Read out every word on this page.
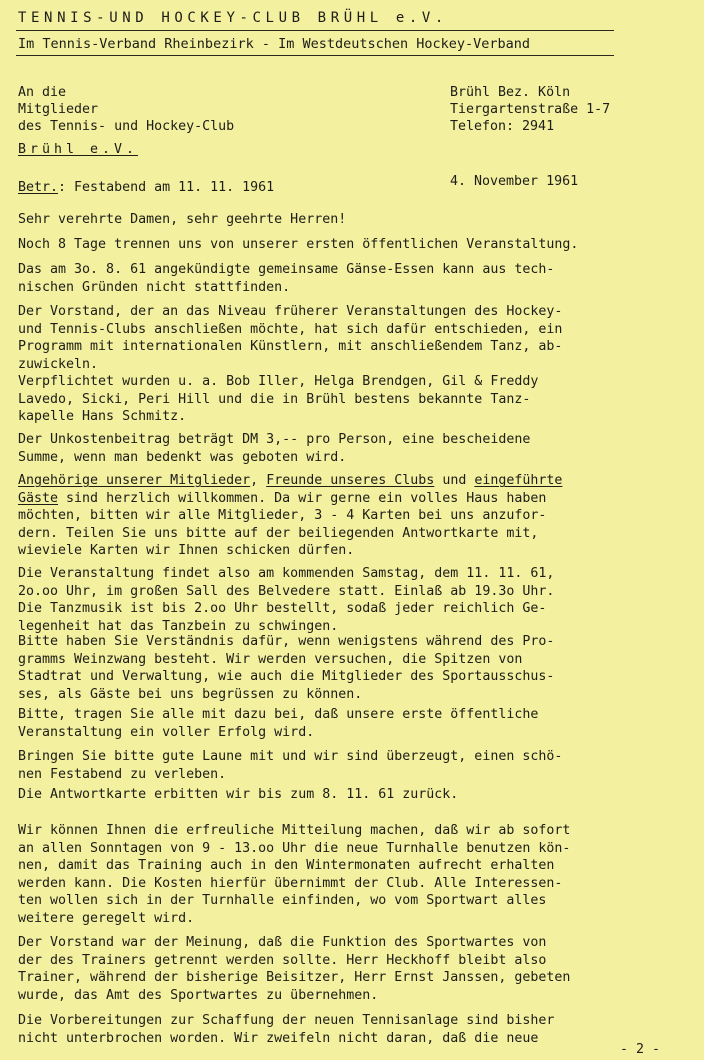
TENNIS-UND HOCKEY-CLUB BRÜHL e.V.
Im Tennis-Verband Rheinbezirk - Im Westdeutschen Hockey-Verband
An die
Mitglieder
des Tennis- und Hockey-Club
Brühl e.V.
Brühl Bez. Köln
Tiergartenstraße 1-7
Telefon: 2941
Betr.: Festabend am 11. 11. 1961	4. November 1961
Sehr verehrte Damen, sehr geehrte Herren!
Noch 8 Tage trennen uns von unserer ersten öffentlichen Veranstaltung.
Das am 3o. 8. 61 angekündigte gemeinsame Gänse-Essen kann aus tech-
nischen Gründen nicht stattfinden.
Der Vorstand, der an das Niveau früherer Veranstaltungen des Hockey-
und Tennis-Clubs anschließen möchte, hat sich dafür entschieden, ein
Programm mit internationalen Künstlern, mit anschließendem Tanz, ab-
zuwickeln.
Verpflichtet wurden u. a. Bob Iller, Helga Brendgen, Gil & Freddy
Lavedo, Sicki, Peri Hill und die in Brühl bestens bekannte Tanz-
kapelle Hans Schmitz.
Der Unkostenbeitrag beträgt DM 3,-- pro Person, eine bescheidene
Summe, wenn man bedenkt was geboten wird.
Angehörige unserer Mitglieder, Freunde unseres Clubs und eingeführte
Gäste sind herzlich willkommen. Da wir gerne ein volles Haus haben
möchten, bitten wir alle Mitglieder, 3 - 4 Karten bei uns anzufor-
dern. Teilen Sie uns bitte auf der beiliegenden Antwortkarte mit,
wieviele Karten wir Ihnen schicken dürfen.
Die Veranstaltung findet also am kommenden Samstag, dem 11. 11. 61,
2o.oo Uhr, im großen Sall des Belvedere statt. Einlaß ab 19.3o Uhr.
Die Tanzmusik ist bis 2.oo Uhr bestellt, sodaß jeder reichlich Ge-
legenheit hat das Tanzbein zu schwingen.
Bitte haben Sie Verständnis dafür, wenn wenigstens während des Pro-
gramms Weinzwang besteht. Wir werden versuchen, die Spitzen von
Stadtrat und Verwaltung, wie auch die Mitglieder des Sportausschus-
ses, als Gäste bei uns begrüssen zu können.
Bitte, tragen Sie alle mit dazu bei, daß unsere erste öffentliche
Veranstaltung ein voller Erfolg wird.
Bringen Sie bitte gute Laune mit und wir sind überzeugt, einen schö-
nen Festabend zu verleben.
Die Antwortkarte erbitten wir bis zum 8. 11. 61 zurück.
Wir können Ihnen die erfreuliche Mitteilung machen, daß wir ab sofort
an allen Sonntagen von 9 - 13.oo Uhr die neue Turnhalle benutzen kön-
nen, damit das Training auch in den Wintermonaten aufrecht erhalten
werden kann. Die Kosten hierfür übernimmt der Club. Alle Interessen-
ten wollen sich in der Turnhalle einfinden, wo vom Sportwart alles
weitere geregelt wird.
Der Vorstand war der Meinung, daß die Funktion des Sportwartes von
der des Trainers getrennt werden sollte. Herr Heckhoff bleibt also
Trainer, während der bisherige Beisitzer, Herr Ernst Janssen, gebeten
wurde, das Amt des Sportwartes zu übernehmen.
Die Vorbereitungen zur Schaffung der neuen Tennisanlage sind bisher
nicht unterbrochen worden. Wir zweifeln nicht daran, daß die neue
- 2 -
